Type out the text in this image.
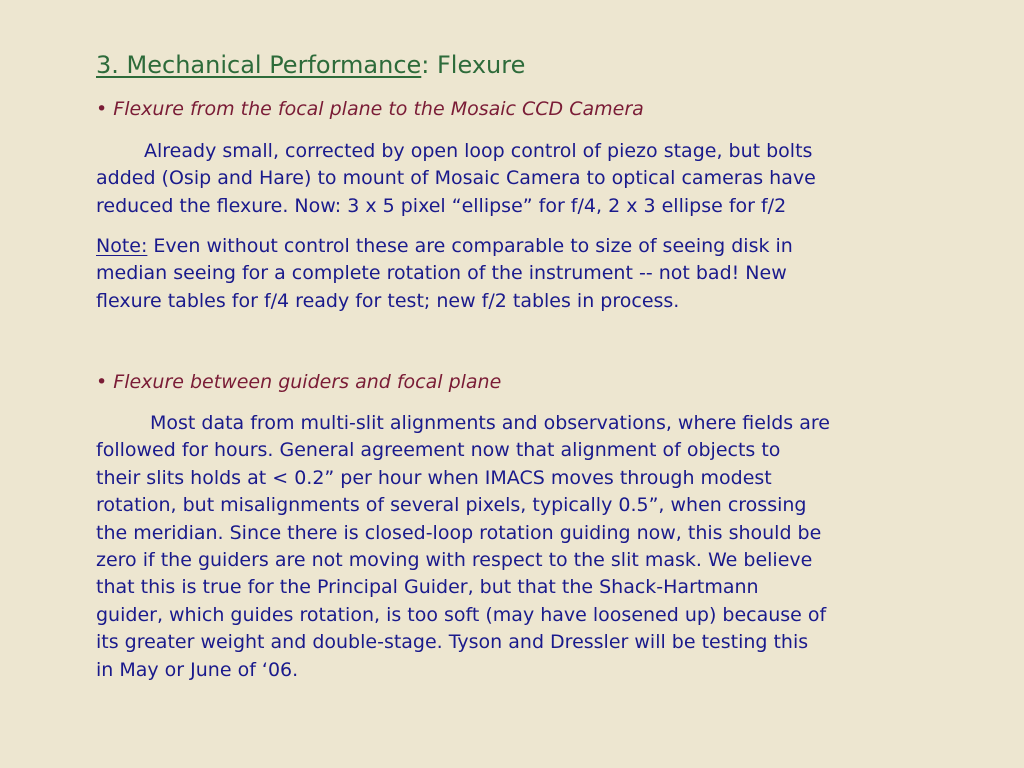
3. Mechanical Performance: Flexure
• Flexure from the focal plane to the Mosaic CCD Camera
Already small, corrected by open loop control of piezo stage, but bolts
added (Osip and Hare) to mount of Mosaic Camera to optical cameras have
reduced the flexure. Now: 3 x 5 pixel “ellipse” for f/4, 2 x 3 ellipse for f/2
Note: Even without control these are comparable to size of seeing disk in
median seeing for a complete rotation of the instrument -- not bad! New
flexure tables for f/4 ready for test; new f/2 tables in process.
• Flexure between guiders and focal plane
Most data from multi-slit alignments and observations, where fields are
followed for hours. General agreement now that alignment of objects to
their slits holds at < 0.2” per hour when IMACS moves through modest
rotation, but misalignments of several pixels, typically 0.5”, when crossing
the meridian. Since there is closed-loop rotation guiding now, this should be
zero if the guiders are not moving with respect to the slit mask. We believe
that this is true for the Principal Guider, but that the Shack-Hartmann
guider, which guides rotation, is too soft (may have loosened up) because of
its greater weight and double-stage. Tyson and Dressler will be testing this
in May or June of ‘06.
